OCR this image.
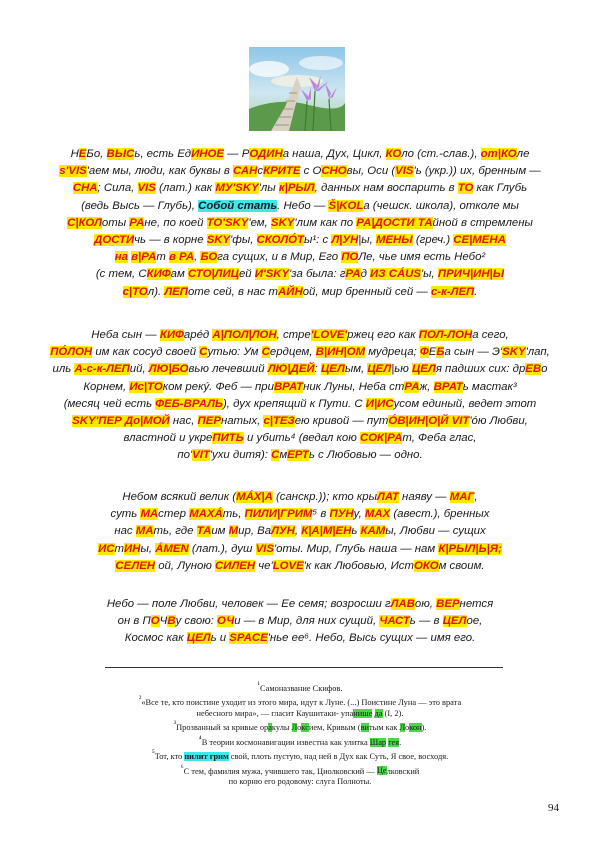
НЕБо, ВЫСь, есть ЕдИНОЕ — РОДИНа наша, Дух, Цикл, КОло (ст.-слав.), от|КОле
s'VIS'аем мы, люди, как буквы в САНсКРИТЕ с ОСНОвы, Оси (VIS'ь (укр.)) их, бренным —
СНА; Сила, VIS (лат.) как МУ'SKY'лы к|РЫЛ, данных нам воспарить в ТО как Глубь
(ведь Высь — Глубь), Собой стать. Небо — Š|KOLа (чешск. школа), отколе мы
С|КОЛоты РАне, по коей TO'SKY'ем, SKY'лим как по РА|ДОСТИ ТАйной в стремлены
ДОСТИчь — в корне SKY'фы, СКОЛÓТы¹: с Л|УН|ы, МЕНЫ (греч.) СЕ|МЕНА
на в|РАт в РА, БОга сущих, и в Мир, Его ПОЛе, чье имя есть Небо²
(с тем, СКИФам СТО|ЛИЦей И'SKY'за была: гРАд ИЗ CÁUS'ы, ПРИЧ|ИН|Ы
с|ТОл). ЛЕПоте сей, в нас тАЙНой, мир бренный сей — с-к-ЛЕП.
Неба сын — КИФарéд А|ПОЛ|ЛОН, стре'LOVE'ржец его как ПОЛ-ЛОНа сего,
ПÓЛОН им как сосуд своей Сутью: Ум Сердцем, В|ИН|ОМ мудреца; ФЕБа сын — Э'SKY'лап,
иль А-с-к-ЛЕПий, ЛЮ|БОвью лечевший ЛЮ|ДЕЙ: ЦЕЛым, ЦЕЛ|ью ЦЕЛя падших сих: дрЕВо
Корнем, Ис|ТОком рекý. Феб — приВРАТник Луны, Неба стРАж, ВРАТь мастак³
(месяц чей есть ФЕБ-ВРАЛЬ), дух крепящий к Пути. С И|ИСусом единый, ведет этот
SKY'ПЕР До|МОЙ нас, ПЕРнатых, с|ТЕЗею кривой — путÓВ|ИН|О|Й VIT'óю Любви,
властной и укреПИТЬ и убить⁴ (ведал кою СОК|РАт, Феба глас,
по'VIT'ухи дитя): СмЕРТь с Любовью — одно.
Небом всякий велик (MÁX|A (санскр.)); кто крыЛАТ наяву — МАГ,
суть МАстер МАХÁть, ПИЛИ|ГРИМ⁵ в ПУНу, МАХ (авест.), бренных
нас МАть, где ТАим Мир, ВаЛУН, К|А|М|ЕНь КАМы, Любви — сущих
ИСтИНы, ÁMEN (лат.), душ VIS'оты. Мир, Глубь наша — нам К|РЫЛ|Ь|Я;
СЕЛЕН ой, Луною СИЛЕН че'LOVE'к как Любовью, ИстОКОм своим.
Небо — поле Любви, человек — Ее семя; возросши гЛАВою, ВЕРнется
он в ПОЧВу свою: ОЧи — в Мир, для них сущий, ЧАСТь — в ЦЕЛое,
Космос как ЦЕЛь и SPACE'нье ее⁶. Небо, Высь сущих — имя его.
¹Самоназвание Скифов.
²«Все те, кто поистине уходит из этого мира, идут к Луне. (...) Поистине Луна — это врата
небесного мира», — гласит Каушитаки- упанише да (I, 2).
³Прозванный за кривые оракулы Локсием, Кривым (витым как Локон).
⁴В теории космонавигации известна как улитка Шар гея.
⁵Тот, кто пилит грим свой, плоть пустую, над ней в Дух как Суть, Я свое, восходя.
⁶С тем, фамилия мужа, учившего так, Циолковский — Целковский
по корню его родовому: слуга Полноты.
94
